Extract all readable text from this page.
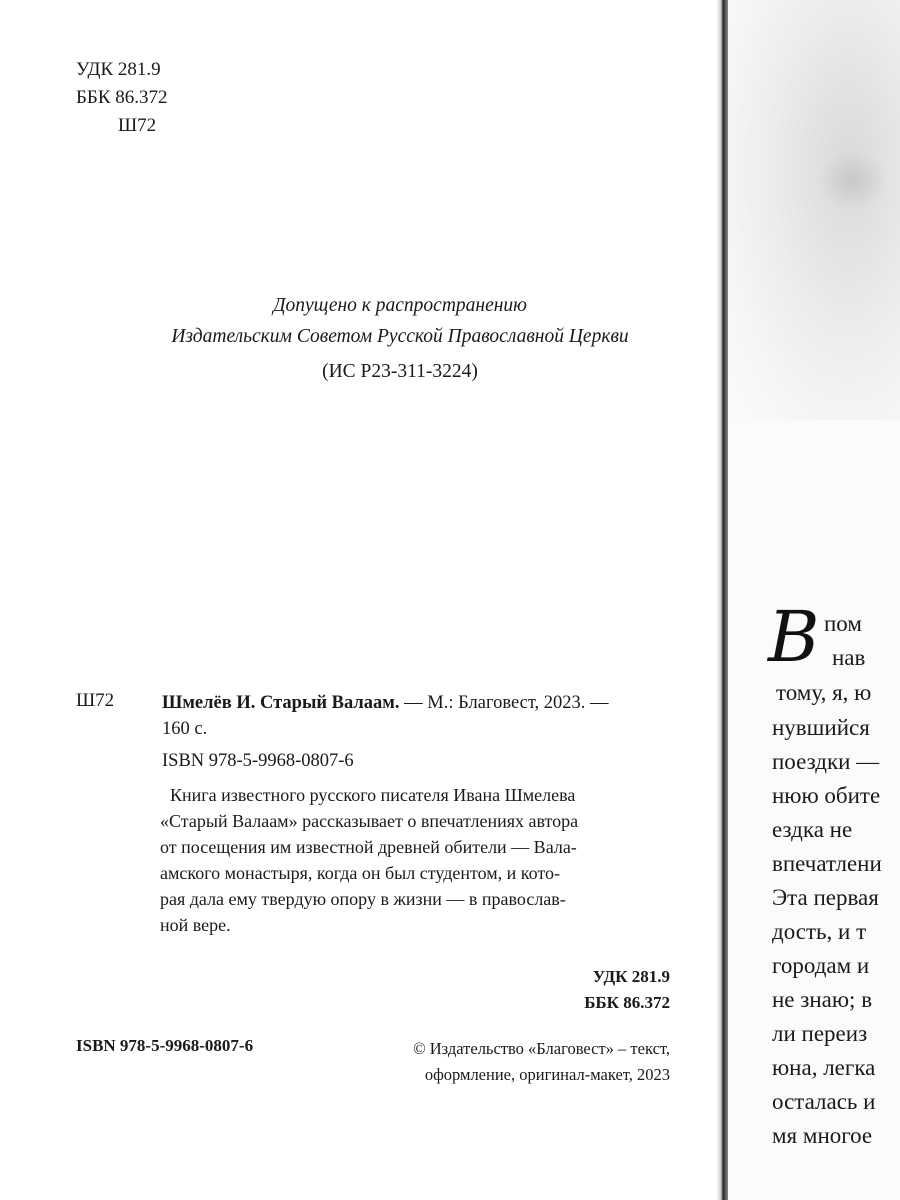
УДК 281.9
ББК 86.372
Ш72
Допущено к распространению
Издательским Советом Русской Православной Церкви
(ИС Р23-311-3224)
Ш72	Шмелёв И. Старый Валаам. — М.: Благовест, 2023. —
160 с.
ISBN 978-5-9968-0807-6
Книга известного русского писателя Ивана Шмелева
«Старый Валаам» рассказывает о впечатлениях автора
от посещения им известной древней обители — Вала-
амского монастыря, когда он был студентом, и кото-
рая дала ему твердую опору в жизни — в православ-
ной вере.
УДК 281.9
ББК 86.372
ISBN 978-5-9968-0807-6	© Издательство «Благовест» – текст,
оформление, оригинал-макет, 2023
В пом
нав
тому, я, ю
нувшийся
поездки —
нюю обите
ездка не
впечатлени
Эта первая
дость, и т
городам и
не знаю; в
ли переиз
юна, легка
осталась и
мя многое
